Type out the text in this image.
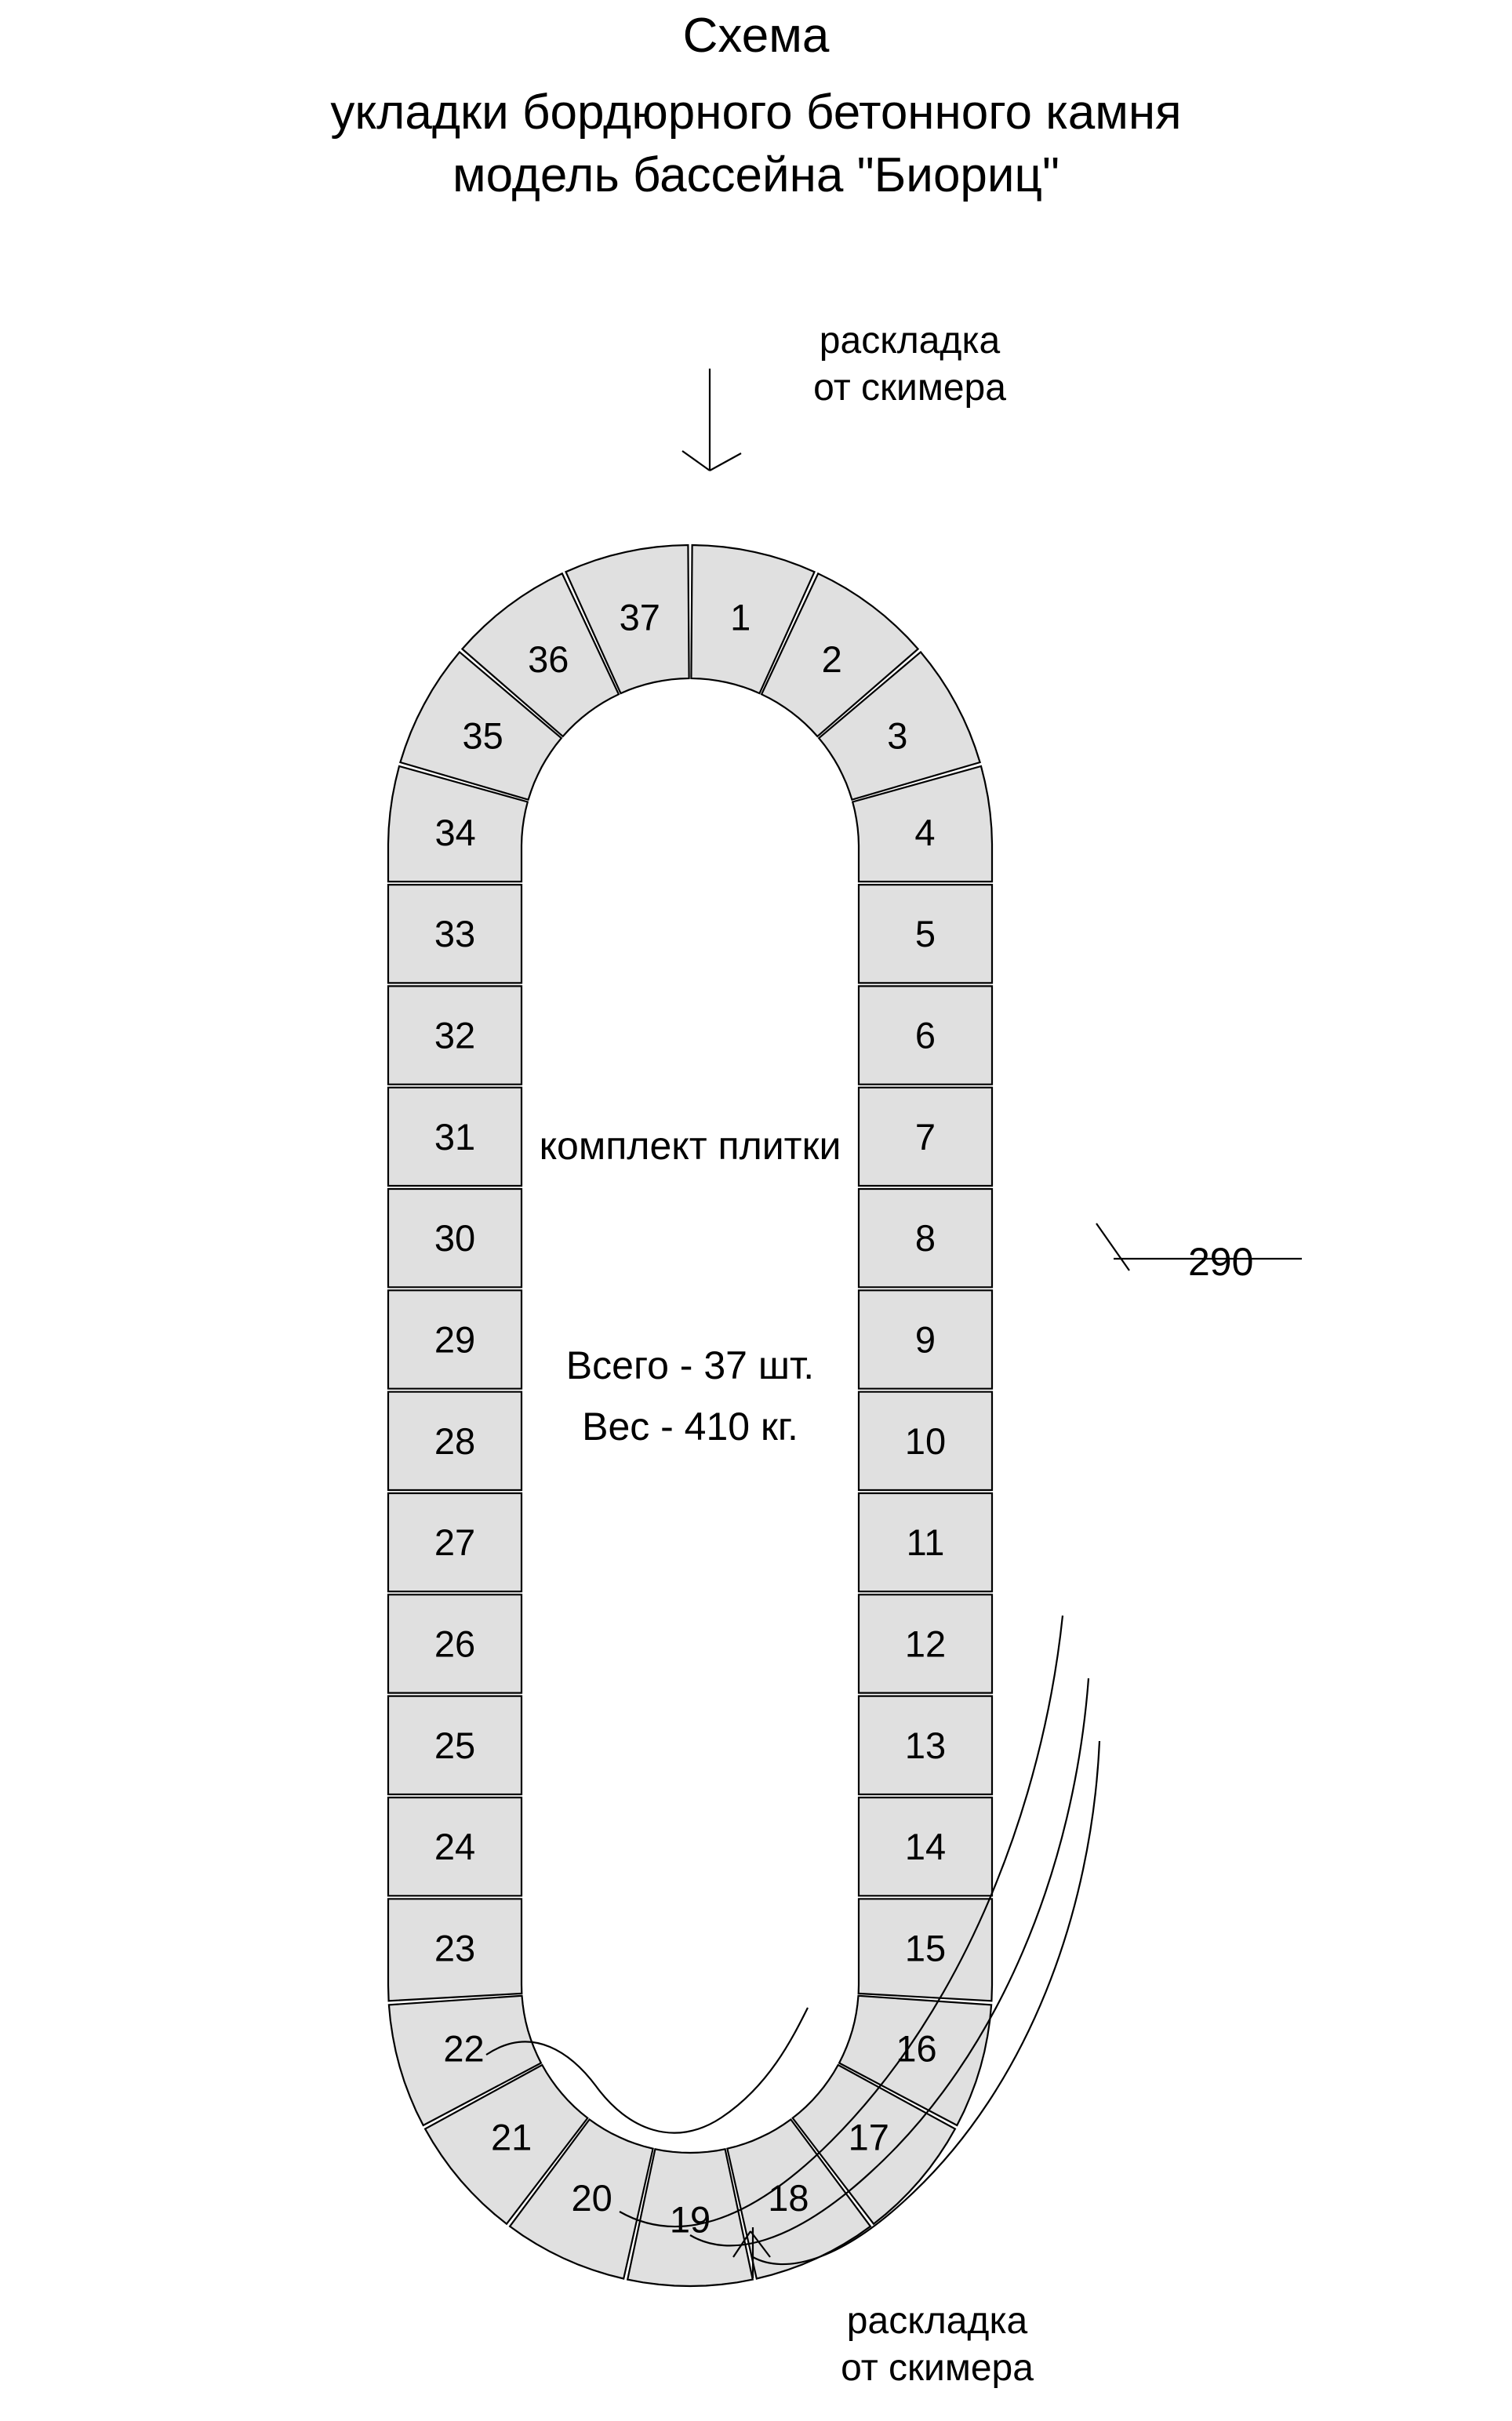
Схема
укладки бордюрного бетонного камня
модель бассейна "Биориц"
раскладка
от скимера
раскладка
от скимера
комплект плитки
Всего - 37 шт.
Вес - 410 кг.
290
1
2
3
4
5
6
7
8
9
10
11
12
13
14
15
16
17
18
19
20
21
22
23
24
25
26
27
28
29
30
31
32
33
34
35
36
37
